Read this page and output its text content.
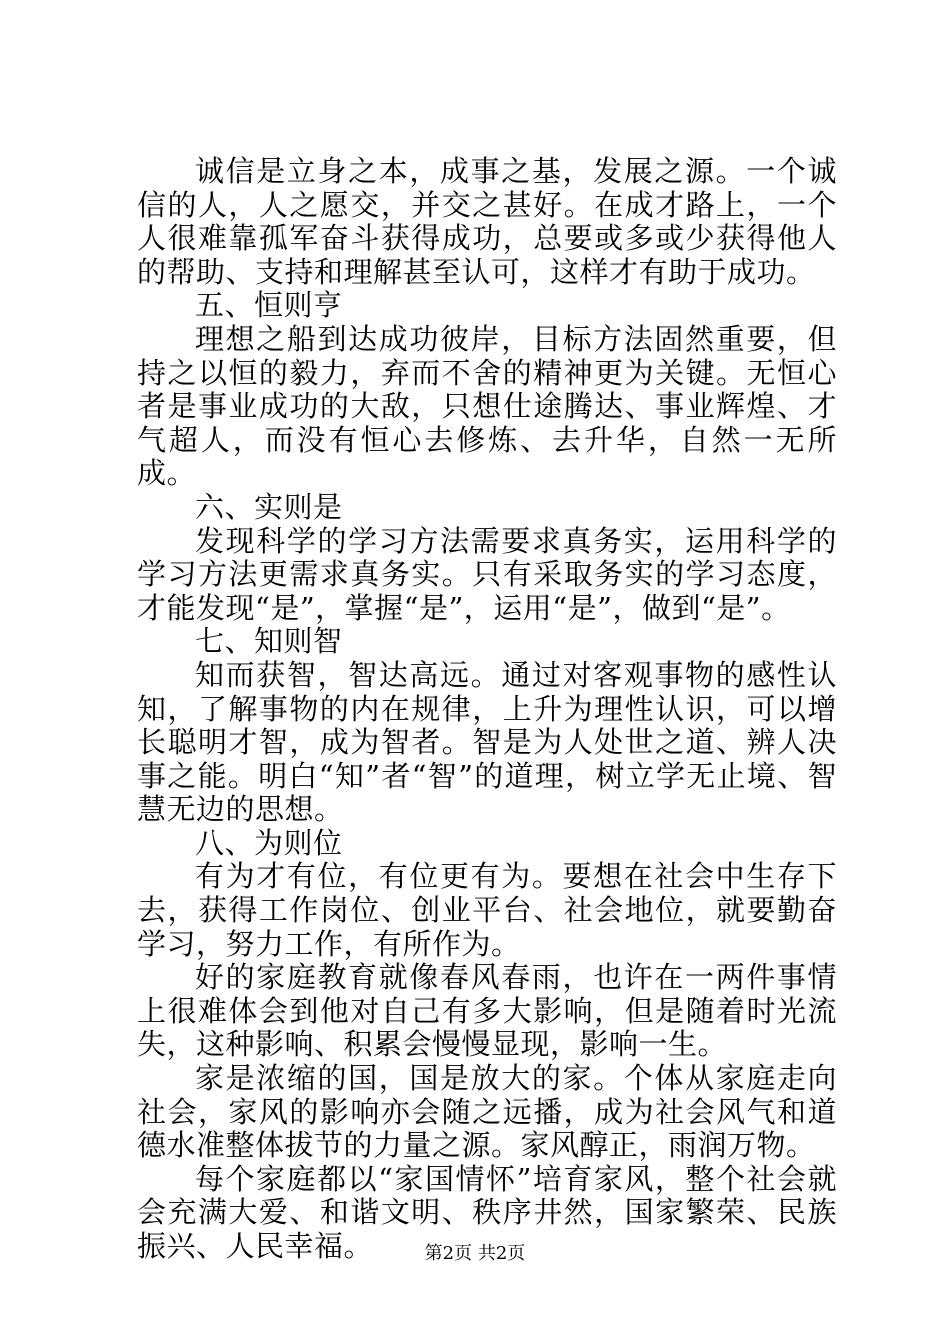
诚信是立身之本，成事之基，发展之源。一个诚信的人，人之愿交，并交之甚好。在成才路上，一个人很难靠孤军奋斗获得成功，总要或多或少获得他人的帮助、支持和理解甚至认可，这样才有助于成功。

五、恒则亨

理想之船到达成功彼岸，目标方法固然重要，但持之以恒的毅力，弃而不舍的精神更为关键。无恒心者是事业成功的大敌，只想仕途腾达、事业辉煌、才气超人，而没有恒心去修炼、去升华，自然一无所成。

六、实则是

发现科学的学习方法需要求真务实，运用科学的学习方法更需求真务实。只有采取务实的学习态度，才能发现“是”，掌握“是”，运用“是”，做到“是”。

七、知则智

知而获智，智达高远。通过对客观事物的感性认知，了解事物的内在规律，上升为理性认识，可以增长聪明才智，成为智者。智是为人处世之道、辨人决事之能。明白“知”者“智”的道理，树立学无止境、智慧无边的思想。

八、为则位

有为才有位，有位更有为。要想在社会中生存下去，获得工作岗位、创业平台、社会地位，就要勤奋学习，努力工作，有所作为。

好的家庭教育就像春风春雨，也许在一两件事情上很难体会到他对自己有多大影响，但是随着时光流失，这种影响、积累会慢慢显现，影响一生。

家是浓缩的国，国是放大的家。个体从家庭走向社会，家风的影响亦会随之远播，成为社会风气和道德水准整体拔节的力量之源。家风醇正，雨润万物。

每个家庭都以“家国情怀”培育家风，整个社会就会充满大爱、和谐文明、秩序井然，国家繁荣、民族振兴、人民幸福。	第2页 共2页
